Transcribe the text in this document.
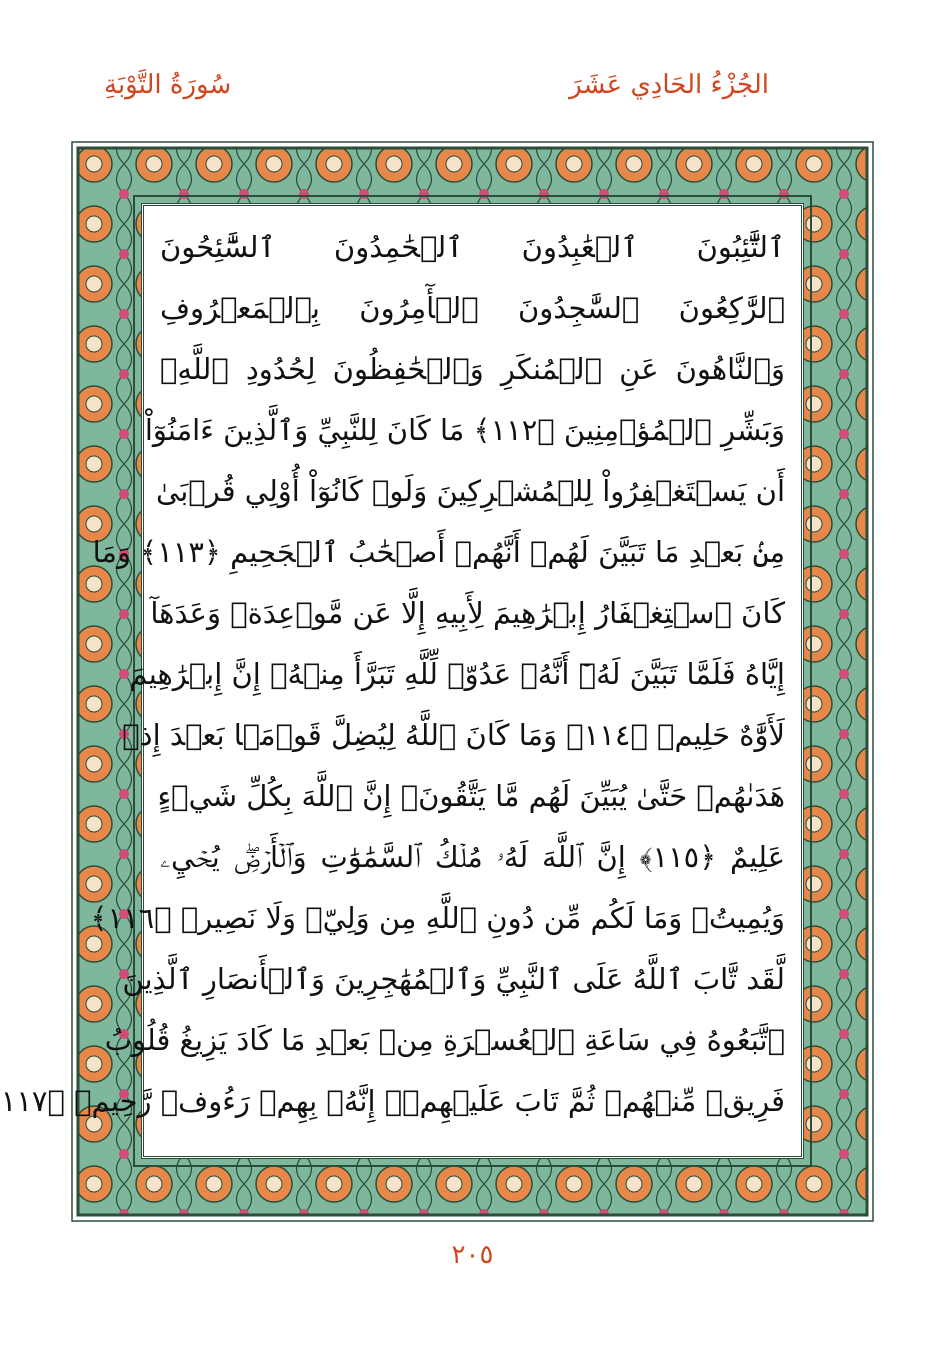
الجُزْءُ الحَادِي عَشَرَ
سُورَةُ التَّوْبَةِ
ٱلتَّٰٓئِبُونَ ٱلۡعَٰبِدُونَ ٱلۡحَٰمِدُونَ ٱلسَّٰٓئِحُونَ
ٱلرَّٰكِعُونَ ٱلسَّٰجِدُونَ ٱلۡأٓمِرُونَ بِٱلۡمَعۡرُوفِ
وَٱلنَّاهُونَ عَنِ ٱلۡمُنكَرِ وَٱلۡحَٰفِظُونَ لِحُدُودِ ٱللَّهِۗ
وَبَشِّرِ ٱلۡمُؤۡمِنِينَ ﴿١١٢﴾ مَا كَانَ لِلنَّبِيِّ وَٱلَّذِينَ ءَامَنُوٓاْ
أَن يَسۡتَغۡفِرُواْ لِلۡمُشۡرِكِينَ وَلَوۡ كَانُوٓاْ أُوْلِي قُرۡبَىٰ
مِنۢ بَعۡدِ مَا تَبَيَّنَ لَهُمۡ أَنَّهُمۡ أَصۡحَٰبُ ٱلۡجَحِيمِ ﴿١١٣﴾ وَمَا
كَانَ ٱسۡتِغۡفَارُ إِبۡرَٰهِيمَ لِأَبِيهِ إِلَّا عَن مَّوۡعِدَةٖ وَعَدَهَآ
إِيَّاهُ فَلَمَّا تَبَيَّنَ لَهُۥٓ أَنَّهُۥ عَدُوّٞ لِّلَّهِ تَبَرَّأَ مِنۡهُۚ إِنَّ إِبۡرَٰهِيمَ
لَأَوَّٰهٌ حَلِيمٞ ﴿١١٤﴾ وَمَا كَانَ ٱللَّهُ لِيُضِلَّ قَوۡمَۢا بَعۡدَ إِذۡ
هَدَىٰهُمۡ حَتَّىٰ يُبَيِّنَ لَهُم مَّا يَتَّقُونَۚ إِنَّ ٱللَّهَ بِكُلِّ شَيۡءٍ
عَلِيمٌ ﴿١١٥﴾ إِنَّ ٱللَّهَ لَهُۥ مُلۡكُ ٱلسَّمَٰوَٰتِ وَٱلۡأَرۡضِۖ يُحۡيِۦ
وَيُمِيتُۚ وَمَا لَكُم مِّن دُونِ ٱللَّهِ مِن وَلِيّٖ وَلَا نَصِيرٖ ﴿١١٦﴾
لَّقَد تَّابَ ٱللَّهُ عَلَى ٱلنَّبِيِّ وَٱلۡمُهَٰجِرِينَ وَٱلۡأَنصَارِ ٱلَّذِينَ
ٱتَّبَعُوهُ فِي سَاعَةِ ٱلۡعُسۡرَةِ مِنۢ بَعۡدِ مَا كَادَ يَزِيغُ قُلُوبُ
فَرِيقٖ مِّنۡهُمۡ ثُمَّ تَابَ عَلَيۡهِمۡۚ إِنَّهُۥ بِهِمۡ رَءُوفٞ رَّحِيمٞ ﴿١١٧
٢٠٥
